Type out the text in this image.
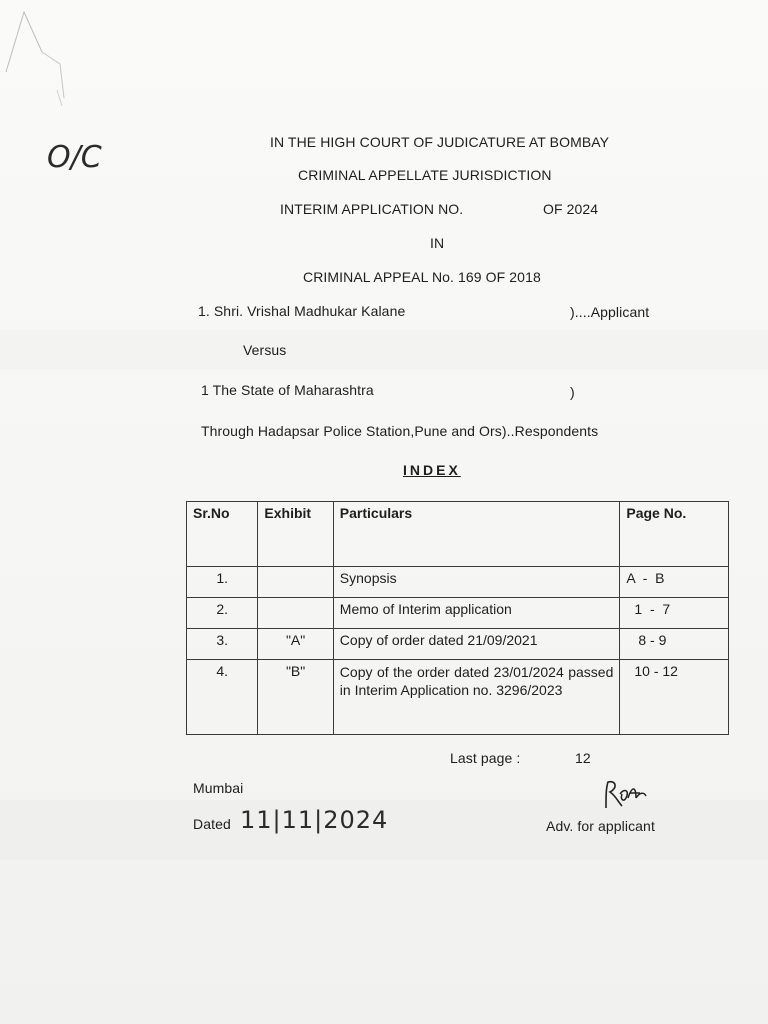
O/C	IN THE HIGH COURT OF JUDICATURE AT BOMBAY
CRIMINAL APPELLATE JURISDICTION
INTERIM APPLICATION NO.	OF 2024
IN
CRIMINAL APPEAL No. 169 OF 2018
1. Shri. Vrishal Madhukar Kalane	)....Applicant
Versus
1 The State of Maharashtra	)
Through Hadapsar Police Station,Pune and Ors)..Respondents
INDEX
Sr.No	Exhibit	Particulars	Page No.
1.		Synopsis	A  -  B
2.		Memo of Interim application	1  -  7
3.	"A"	Copy of order dated 21/09/2021	8 - 9
4.	"B"	Copy of the order dated 23/01/2024 passed in Interim Application no. 3296/2023	10 - 12
Last page :	12
Mumbai
Dated 11|11|2024	Adv. for applicant
